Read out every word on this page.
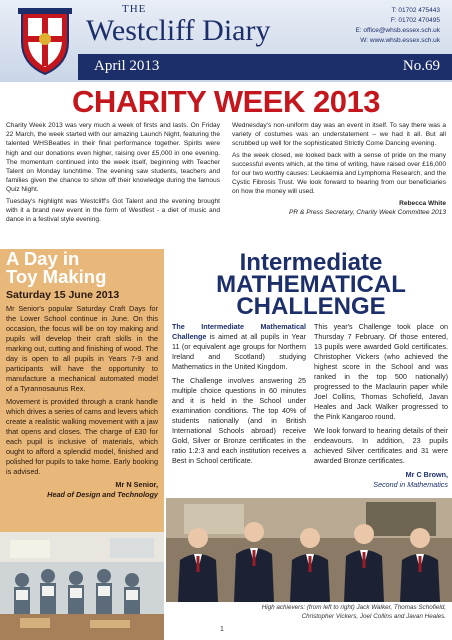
THE
Westcliff Diary
April 2013	No.69
T: 01702 475443
F: 01702 470495
E: office@whsb.essex.sch.uk
W: www.whsb.essex.sch.uk
CHARITY WEEK 2013

Charity Week 2013 was very much a week of firsts and lasts. On Friday 22 March, the week started with our amazing Launch Night, featuring the talented WHSBeatles in their final performance together. Spirits were high and our donations even higher, raising over £5,000 in one evening. The momentum continued into the week itself, beginning with Teacher Talent on Monday lunchtime. The evening saw students, teachers and families given the chance to show off their knowledge during the famous Quiz Night.

Tuesday's highlight was Westcliff's Got Talent and the evening brought with it a brand new event in the form of Westfest - a diet of music and dance in a festival style evening.

Wednesday's non-uniform day was an event in itself. To say there was a variety of costumes was an understatement – we had it all. But all scrubbed up well for the sophisticated Strictly Come Dancing evening.

As the week closed, we looked back with a sense of pride on the many successful events which, at the time of writing, have raised over £16,000 for our two worthy causes: Leukaemia and Lymphoma Research, and the Cystic Fibrosis Trust. We look forward to hearing from our beneficiaries on how the money will used.

Rebecca White
PR & Press Secretary, Charity Week Committee 2013
A Day in
Toy Making
Saturday 15 June 2013

Mr Senior's popular Saturday Craft Days for the Lower School continue in June. On this occasion, the focus will be on toy making and pupils will develop their craft skills in the marking out, cutting and finishing of wood. The day is open to all pupils in Years 7-9 and participants will have the opportunity to manufacture a mechanical automated model of a Tyrannosaurus Rex.

Movement is provided through a crank handle which drives a series of cams and levers which create a realistic walking movement with a jaw that opens and closes. The charge of £30 for each pupil is inclusive of materials, which ought to afford a splendid model, finished and polished for pupils to take home. Early booking is advised.

Mr N Senior,
Head of Design and Technology
Intermediate
MATHEMATICAL
CHALLENGE

The Intermediate Mathematical Challenge is aimed at all pupils in Year 11 (or equivalent age groups for Northern Ireland and Scotland) studying Mathematics in the United Kingdom.

The Challenge involves answering 25 multiple choice questions in 60 minutes and it is held in the School under examination conditions. The top 40% of students nationally (and in British International Schools abroad) receive Gold, Silver or Bronze certificates in the ratio 1:2:3 and each institution receives a Best in School certificate.

This year's Challenge took place on Thursday 7 February. Of those entered, 13 pupils were awarded Gold certificates. Christopher Vickers (who achieved the highest score in the School and was ranked in the top 500 nationally) progressed to the Maclaurin paper while Joel Collins, Thomas Schofield, Javan Heales and Jack Walker progressed to the Pink Kangaroo round.

We look forward to hearing details of their endeavours. In addition, 23 pupils achieved Silver certificates and 31 were awarded Bronze certificates.

Mr C Brown,
Second in Mathematics
High achievers: (from left to right) Jack Walker, Thomas Schofield,
Christopher Vickers, Joel Collins and Javan Heales.
1
